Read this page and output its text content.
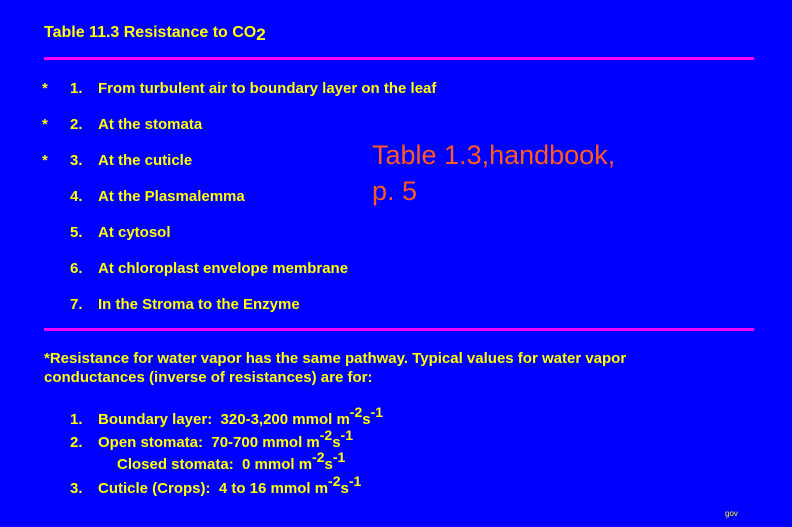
Table 11.3 Resistance to CO2
* 1. From turbulent air to boundary layer on the leaf
* 2. At the stomata
* 3. At the cuticle
4. At the Plasmalemma
5. At cytosol
6. At chloroplast envelope membrane
7. In the Stroma to the Enzyme
Table 1.3,handbook,
p. 5
*Resistance for water vapor has the same pathway. Typical values for water vapor
conductances (inverse of resistances) are for:
1. Boundary layer: 320-3,200 mmol $m^{-2}s^{-1}$
2. Open stomata: 70-700 mmol $m^{-2}s^{-1}$
Closed stomata: 0 mmol $m^{-2}s^{-1}$
3. Cuticle (Crops): 4 to 16 mmol $m^{-2}s^{-1}$
gov
